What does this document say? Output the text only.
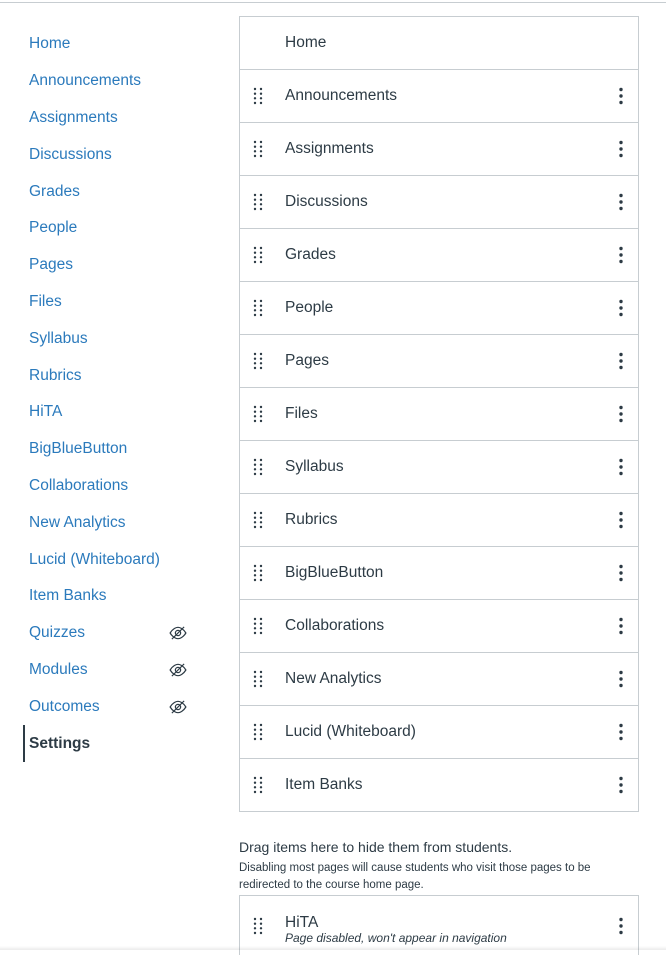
Home
Announcements
Assignments
Discussions
Grades
People
Pages
Files
Syllabus
Rubrics
HiTA
BigBlueButton
Collaborations
New Analytics
Lucid (Whiteboard)
Item Banks
Quizzes
Modules
Outcomes
Settings
Home
Announcements
Assignments
Discussions
Grades
People
Pages
Files
Syllabus
Rubrics
BigBlueButton
Collaborations
New Analytics
Lucid (Whiteboard)
Item Banks

Drag items here to hide them from students.

Disabling most pages will cause students who visit those pages to be redirected to the course home page.

HiTA
Page disabled, won't appear in navigation
